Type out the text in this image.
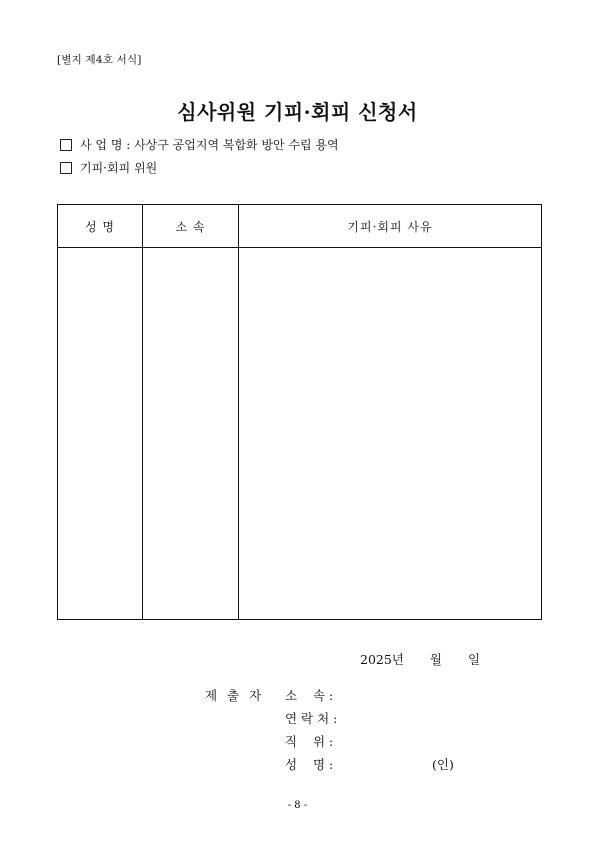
[별지 제4호 서식]
심사위원 기피·회피 신청서
사 업 명 : 사상구 공업지역 복합화 방안 수립 용역
기피·회피 위원
성 명	소 속	기피·회피 사유

2025년 월 일
제 출 자 소    속 :
연 락 처 :
직    위 :
성    명 :	(인)
- 8 -
